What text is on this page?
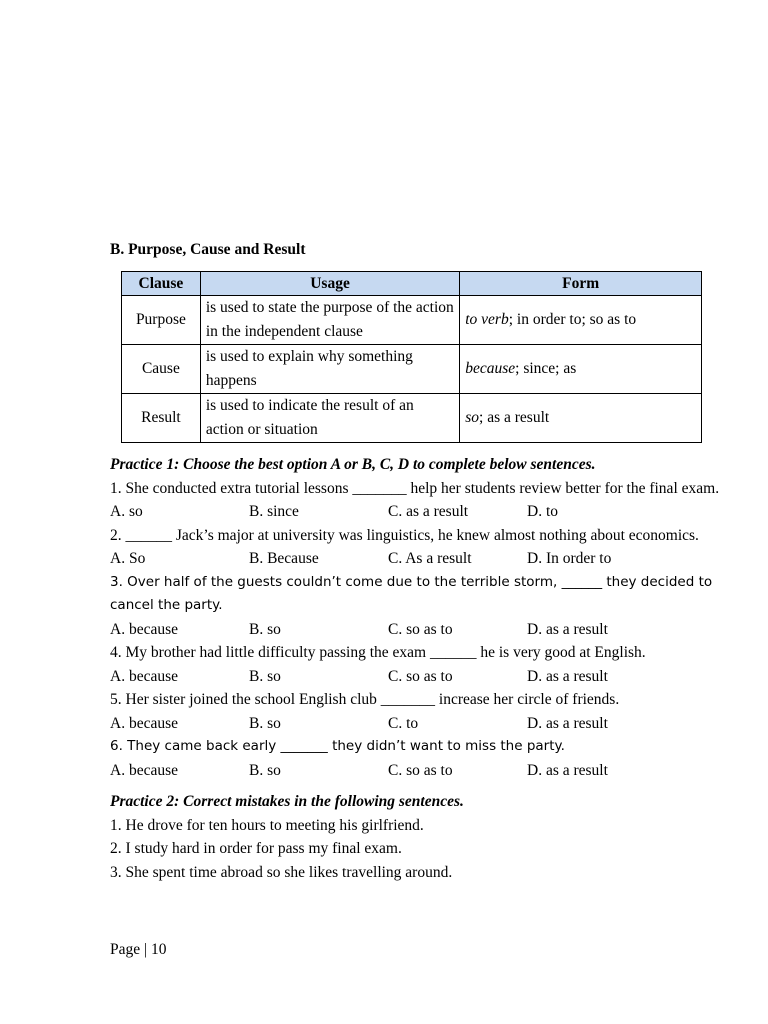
B. Purpose, Cause and Result
Clause	Usage	Form
Purpose	is used to state the purpose of the action in the independent clause	to verb; in order to; so as to
Cause	is used to explain why something happens	because; since; as
Result	is used to indicate the result of an action or situation	so; as a result
Practice 1: Choose the best option A or B, C, D to complete below sentences.

1. She conducted extra tutorial lessons _______ help her students review better for the final exam.

A. so	B. since	C. as a result	D. to

2. ______ Jack’s major at university was linguistics, he knew almost nothing about economics.

A. So	B. Because	C. As a result	D. In order to

3. Over half of the guests couldn’t come due to the terrible storm, ______ they decided to cancel the party.

A. because	B. so	C. so as to	D. as a result

4. My brother had little difficulty passing the exam ______ he is very good at English.

A. because	B. so	C. so as to	D. as a result

5. Her sister joined the school English club _______ increase her circle of friends.

A. because	B. so	C. to	D. as a result

6. They came back early _______ they didn’t want to miss the party.

A. because	B. so	C. so as to	D. as a result
Practice 2: Correct mistakes in the following sentences.

1. He drove for ten hours to meeting his girlfriend.

2. I study hard in order for pass my final exam.

3. She spent time abroad so she likes travelling around.

Page | 10
